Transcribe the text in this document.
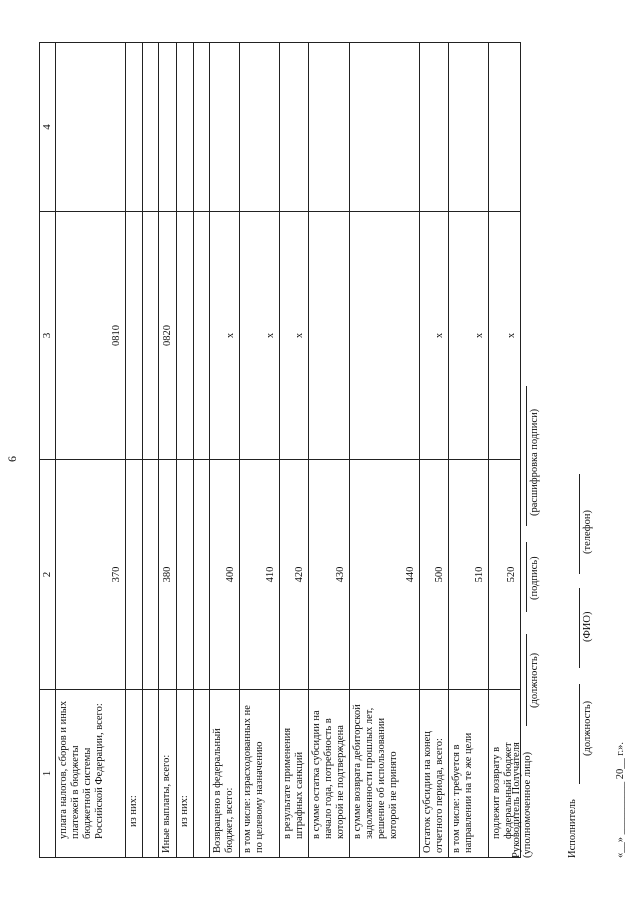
6
1	2	3	4
уплата налогов, сборов и иных платежей в бюджеты бюджетной системы Российской Федерации, всего:	370	0810	
из них:			

Иные выплаты, всего:	380	0820	
из них:			

Возвращено в федеральный бюджет, всего:	400	x	
в том числе: израсходованных не по целевому назначению	410	x	
в результате применения штрафных санкций	420	x	
в сумме остатка субсидии на начало года, потребность в которой не подтверждена	430		
в сумме возврата дебиторской задолженности прошлых лет, решение об использовании которой не принято	440		
Остаток субсидии на конец отчетного периода, всего:	500	x	
в том числе: требуется в направлении на те же цели	510	x	
подлежит возврату в федеральный бюджет	520	x	
Руководитель Получателя (уполномоченное лицо)
(должность)
(подпись)
(расшифровка подписи)
Исполнитель
(должность)
(ФИО)
(телефон)
«__» __________ 20__ г.».
